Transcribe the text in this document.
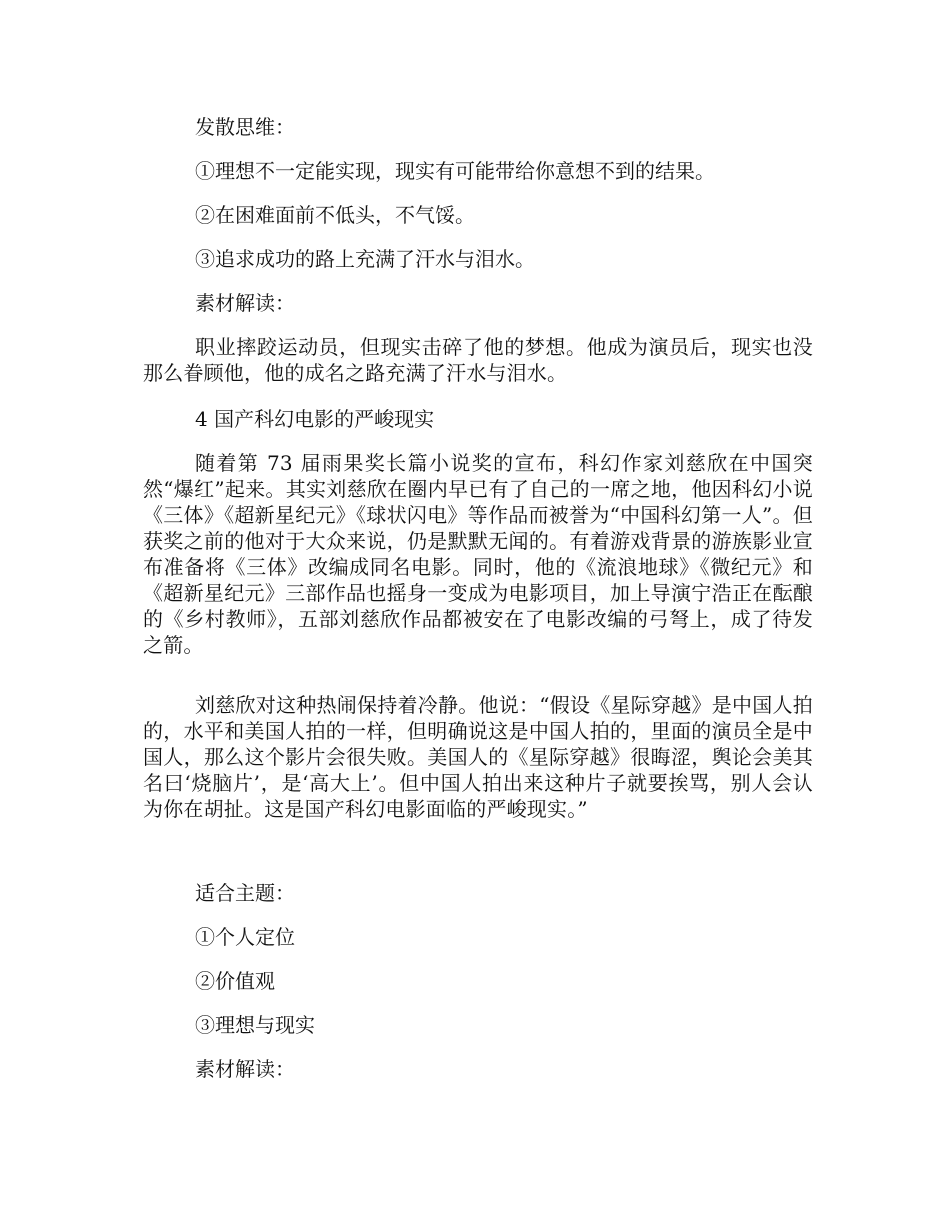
发散思维：
①理想不一定能实现，现实有可能带给你意想不到的结果。
②在困难面前不低头，不气馁。
③追求成功的路上充满了汗水与泪水。
素材解读：
职业摔跤运动员，但现实击碎了他的梦想。他成为演员后，现实也没那么眷顾他，他的成名之路充满了汗水与泪水。
4 国产科幻电影的严峻现实
随着第 73 届雨果奖长篇小说奖的宣布，科幻作家刘慈欣在中国突然“爆红”起来。其实刘慈欣在圈内早已有了自己的一席之地，他因科幻小说《三体》《超新星纪元》《球状闪电》等作品而被誉为“中国科幻第一人”。但获奖之前的他对于大众来说，仍是默默无闻的。有着游戏背景的游族影业宣布准备将《三体》改编成同名电影。同时，他的《流浪地球》《微纪元》和《超新星纪元》三部作品也摇身一变成为电影项目，加上导演宁浩正在酝酿的《乡村教师》，五部刘慈欣作品都被安在了电影改编的弓弩上，成了待发之箭。
刘慈欣对这种热闹保持着冷静。他说：“假设《星际穿越》是中国人拍的，水平和美国人拍的一样，但明确说这是中国人拍的，里面的演员全是中国人，那么这个影片会很失败。美国人的《星际穿越》很晦涩，舆论会美其名曰‘烧脑片’，是‘高大上’。但中国人拍出来这种片子就要挨骂，别人会认为你在胡扯。这是国产科幻电影面临的严峻现实。”
适合主题：
①个人定位
②价值观
③理想与现实
素材解读：
